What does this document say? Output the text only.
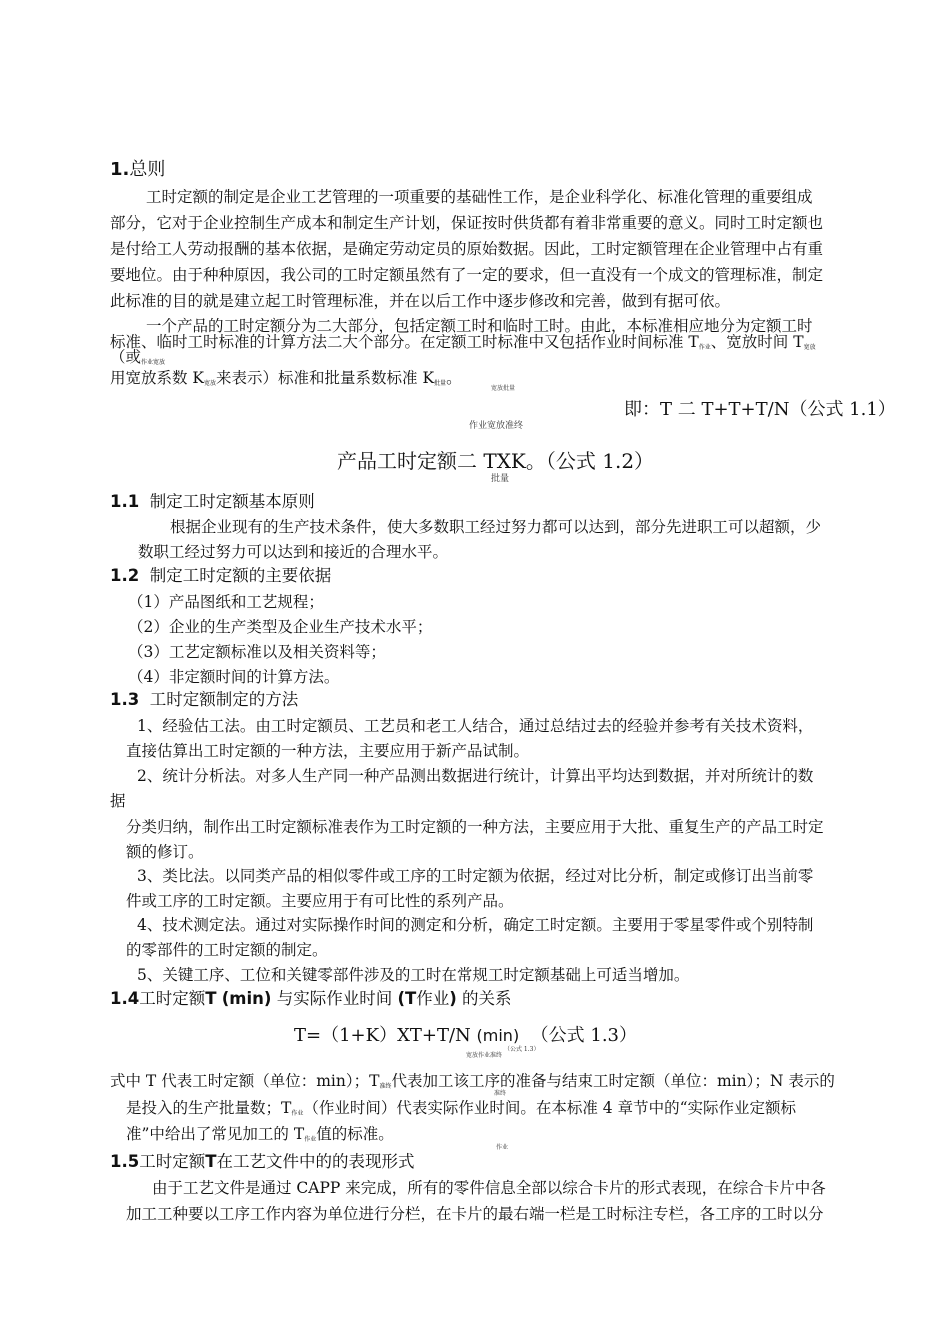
1.总则
工时定额的制定是企业工艺管理的一项重要的基础性工作，是企业科学化、标准化管理的重要组成
部分，它对于企业控制生产成本和制定生产计划，保证按时供货都有着非常重要的意义。同时工时定额也
是付给工人劳动报酬的基本依据，是确定劳动定员的原始数据。因此，工时定额管理在企业管理中占有重
要地位。由于种种原因，我公司的工时定额虽然有了一定的要求，但一直没有一个成文的管理标准，制定
此标准的目的就是建立起工时管理标准，并在以后工作中逐步修改和完善，做到有据可依。
一个产品的工时定额分为二大部分，包括定额工时和临时工时。由此，本标准相应地分为定额工时
标准、临时工时标准的计算方法二大个部分。在定额工时标准中又包括作业时间标准 $T_{作业}$、宽放时间 $T_{宽放}$
（或$_{作业宽放}$
用宽放系数 $K_{宽放}$来表示）标准和批量系数标准 $K_{批量}$。
宽放批量
即：T 二 T+T+T/N（公式 1.1）
作业宽放准终
产品工时定额二 TXK。（公式 1.2）
批量
1.1 制定工时定额基本原则
根据企业现有的生产技术条件，使大多数职工经过努力都可以达到，部分先进职工可以超额，少
数职工经过努力可以达到和接近的合理水平。
1.2 制定工时定额的主要依据
（1）产品图纸和工艺规程；
（2）企业的生产类型及企业生产技术水平；
（3）工艺定额标准以及相关资料等；
（4）非定额时间的计算方法。
1.3 工时定额制定的方法
1、经验估工法。由工时定额员、工艺员和老工人结合，通过总结过去的经验并参考有关技术资料，
直接估算出工时定额的一种方法，主要应用于新产品试制。
2、统计分析法。对多人生产同一种产品测出数据进行统计，计算出平均达到数据，并对所统计的数
据
分类归纳，制作出工时定额标准表作为工时定额的一种方法，主要应用于大批、重复生产的产品工时定
额的修订。
3、类比法。以同类产品的相似零件或工序的工时定额为依据，经过对比分析，制定或修订出当前零
件或工序的工时定额。主要应用于有可比性的系列产品。
4、技术测定法。通过对实际操作时间的测定和分析，确定工时定额。主要用于零星零件或个别特制
的零部件的工时定额的制定。
5、关键工序、工位和关键零部件涉及的工时在常规工时定额基础上可适当增加。
1.4工时定额T (min) 与实际作业时间 (T作业) 的关系
T=（1+K）XT+T/N (min) （公式 1.3）
宽放作业准终
（公式 1.3）
式中 T 代表工时定额（单位：min）；$T_{准终}$代表加工该工序的准备与结束工时定额（单位：min）；N 表示的
准终
是投入的生产批量数；$T_{作业}$（作业时间）代表实际作业时间。在本标准 4 章节中的“实际作业定额标
准”中给出了常见加工的 $T_{作业}$值的标准。
作业
1.5工时定额T在工艺文件中的的表现形式
由于工艺文件是通过 CAPP 来完成，所有的零件信息全部以综合卡片的形式表现，在综合卡片中各
加工工种要以工序工作内容为单位进行分栏，在卡片的最右端一栏是工时标注专栏，各工序的工时以分
